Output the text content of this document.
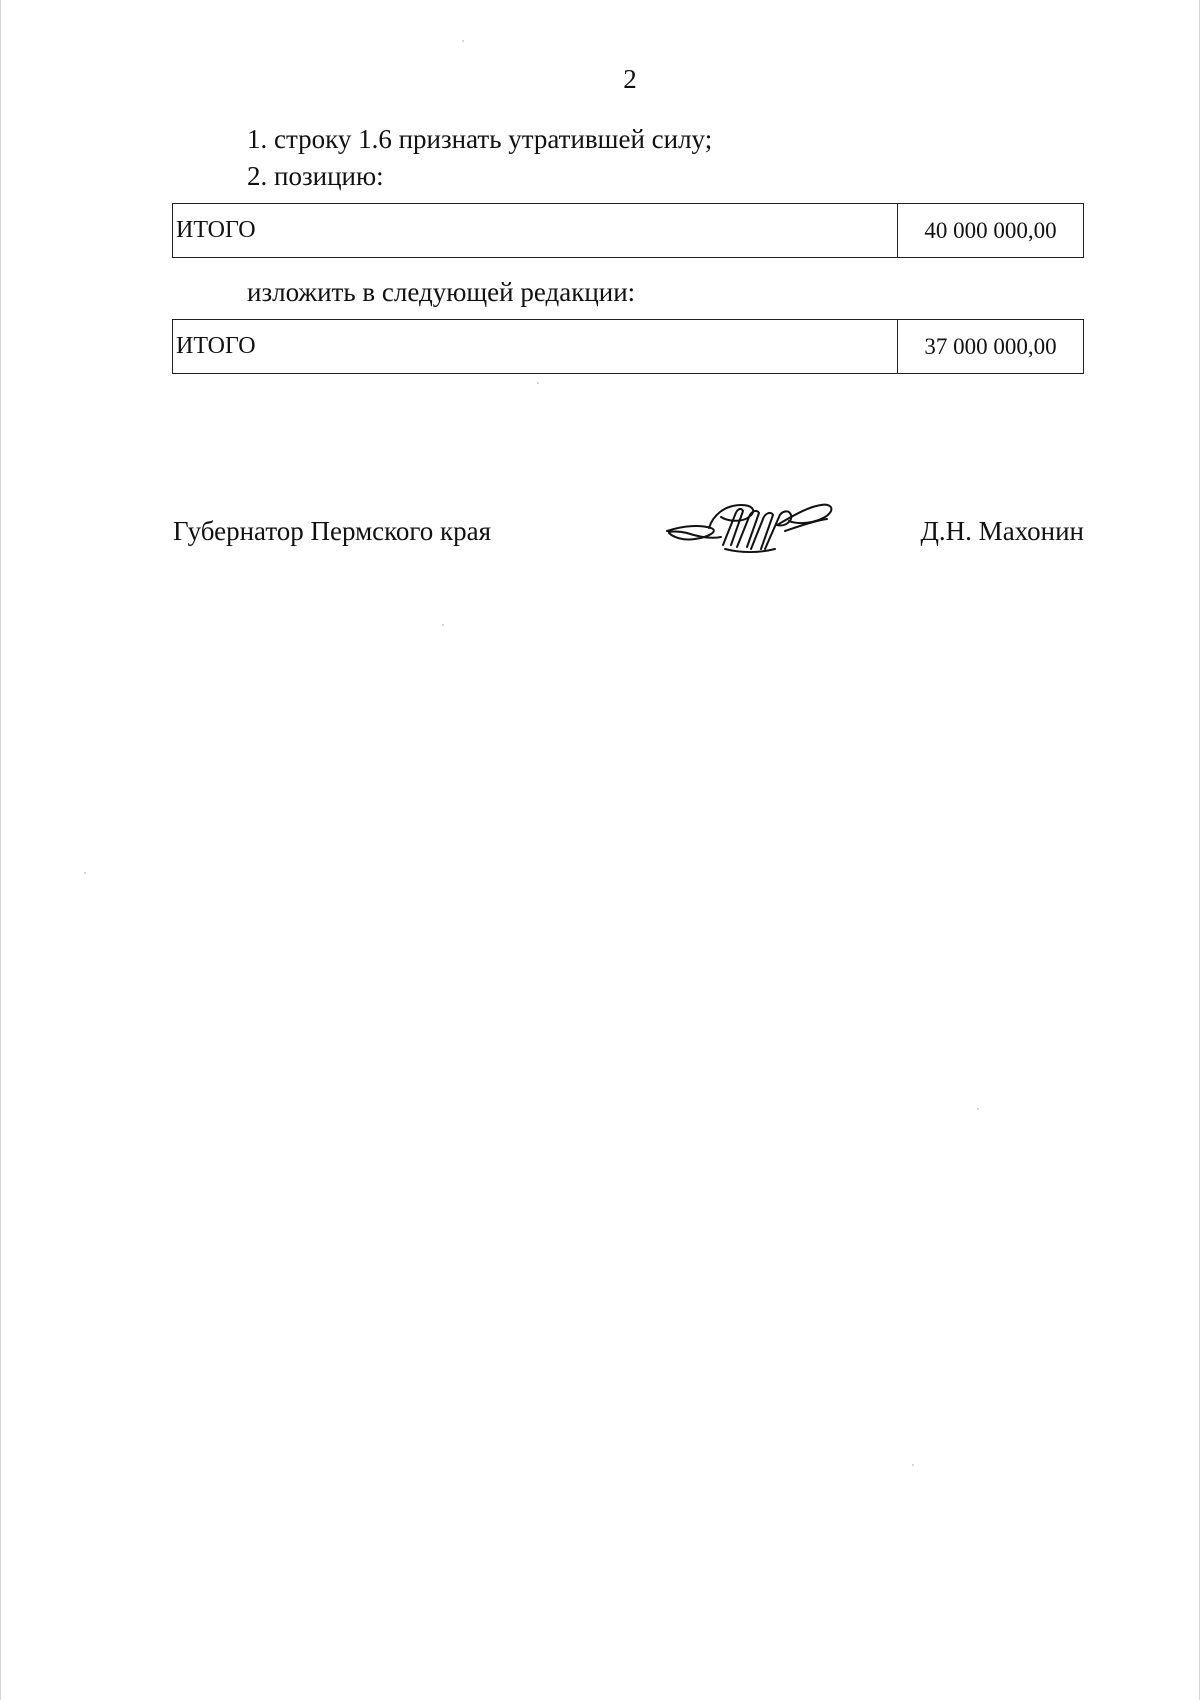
2
1. строку 1.6 признать утратившей силу;
2. позицию:
ИТОГО	40 000 000,00
изложить в следующей редакции:
ИТОГО	37 000 000,00
Губернатор Пермского края	Д.Н. Махонин
